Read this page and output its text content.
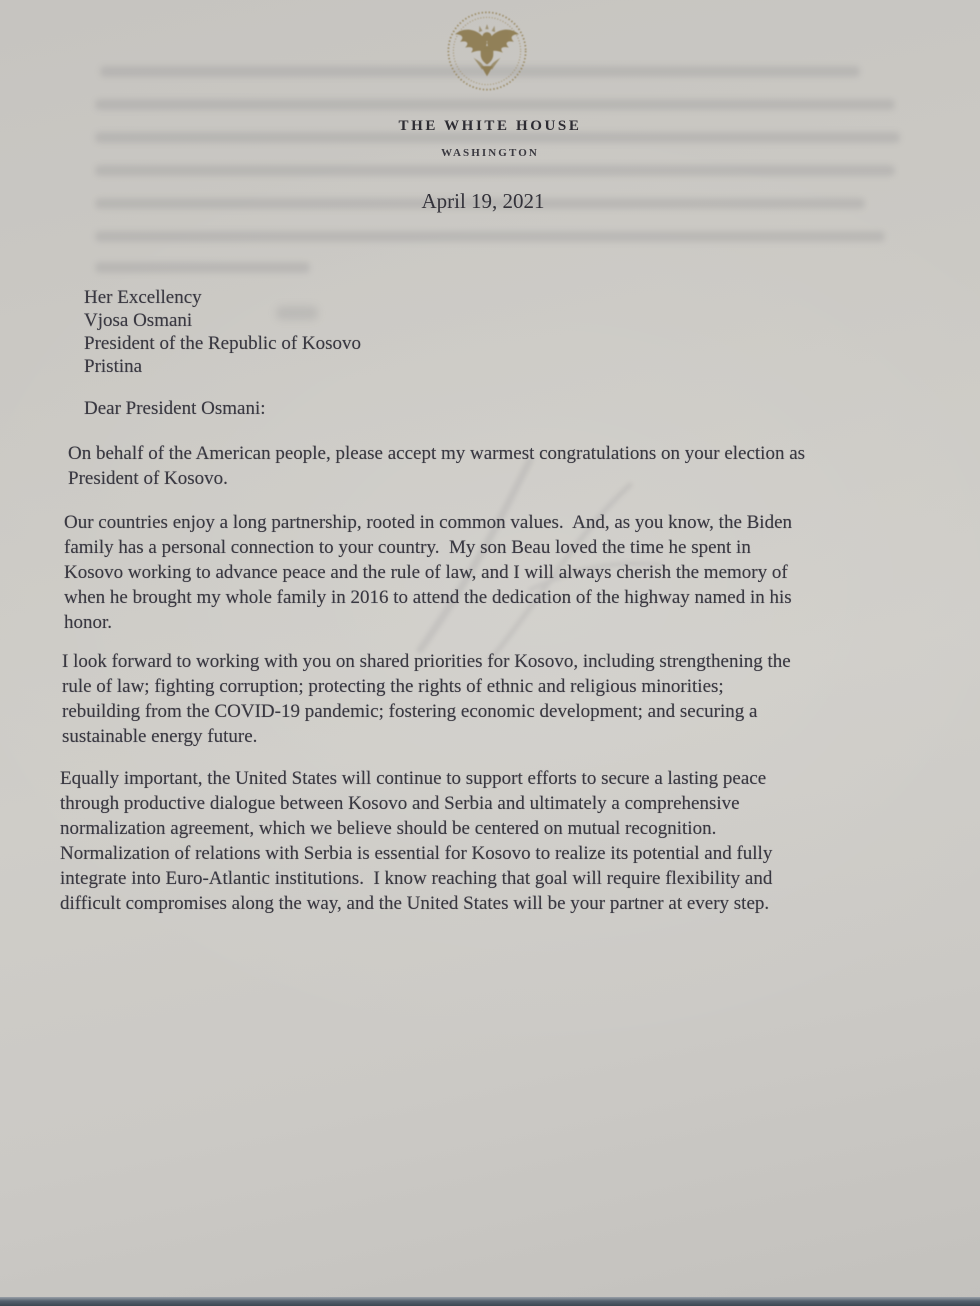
THE WHITE HOUSE
WASHINGTON
April 19, 2021
Her Excellency
Vjosa Osmani
President of the Republic of Kosovo
Pristina
Dear President Osmani:
On behalf of the American people, please accept my warmest congratulations on your election as
President of Kosovo.
Our countries enjoy a long partnership, rooted in common values.  And, as you know, the Biden
family has a personal connection to your country.  My son Beau loved the time he spent in
Kosovo working to advance peace and the rule of law, and I will always cherish the memory of
when he brought my whole family in 2016 to attend the dedication of the highway named in his
honor.
I look forward to working with you on shared priorities for Kosovo, including strengthening the
rule of law; fighting corruption; protecting the rights of ethnic and religious minorities;
rebuilding from the COVID-19 pandemic; fostering economic development; and securing a
sustainable energy future.
Equally important, the United States will continue to support efforts to secure a lasting peace
through productive dialogue between Kosovo and Serbia and ultimately a comprehensive
normalization agreement, which we believe should be centered on mutual recognition.
Normalization of relations with Serbia is essential for Kosovo to realize its potential and fully
integrate into Euro-Atlantic institutions.  I know reaching that goal will require flexibility and
difficult compromises along the way, and the United States will be your partner at every step.
